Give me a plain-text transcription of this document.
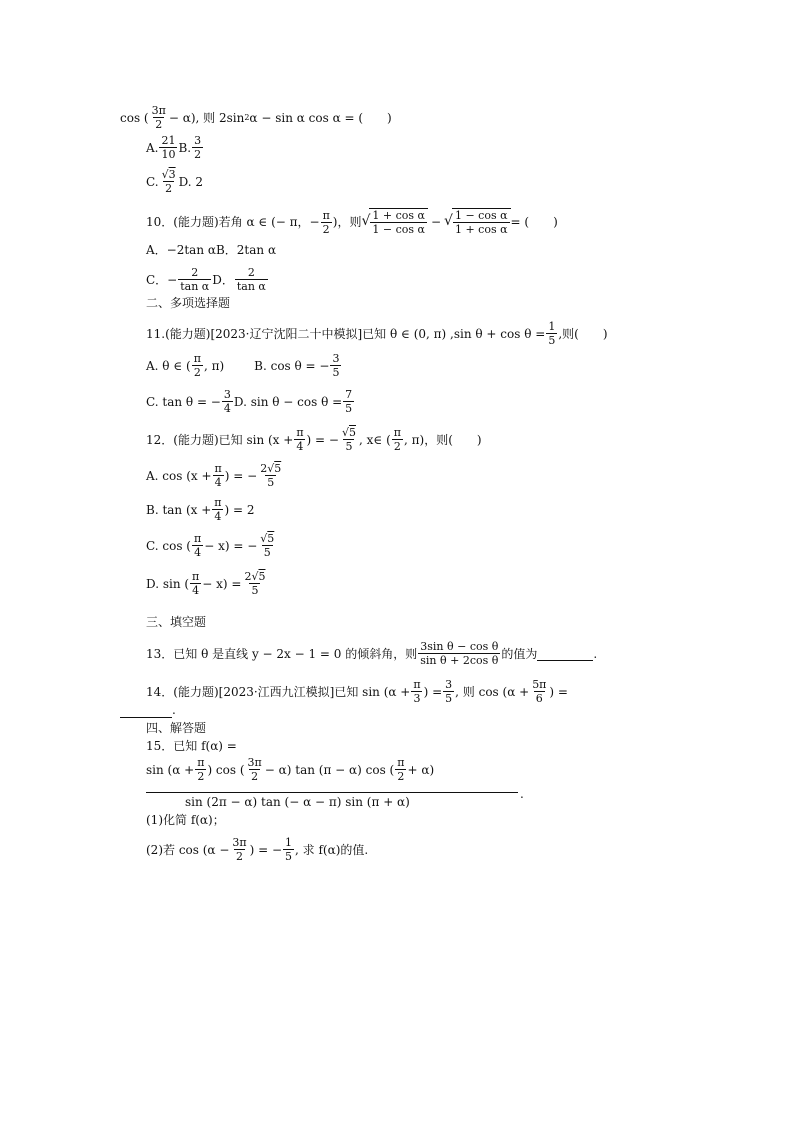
cos ( $\frac{3\pi}{2} - \alpha$), 则 2sin 2 α − sin α cos α = (　　)
A. $\frac{21}{10} B$. $\frac{3}{2}$
C. $\frac{√3}{2} D$. 2
10．(能力题)若角 α ∈ (− π，− $\frac{\pi}{2}$ )，则 √ $\frac{\text{1 + cos α}}{\text{1 − cos α}}$ − √ $\frac{\text{1 − cos α}}{\text{1 + cos α}}$ = (　　)
A．−2tan αB．2tan α
C．− $\frac{2}{\text{tan α}}$ D． $\frac{2}{\text{tan α}}$
二、多项选择题
11.(能力题)[2023·辽宁沈阳二十中模拟]已知 θ ∈ (0, π) ,sin $\theta + \cos \theta = \frac{1}{5}$ ,则(　　)
A. θ ∈ ( $\frac{\pi}{2}$ , π)	B. cos θ = − $\frac{3}{5}$
C. tan θ = − $\frac{3}{4} D$. $\sin \theta - \cos \theta = \frac{7}{5}$
12．(能力题)已知 $\sin (x + \frac{\pi}{4}$ ) = − $\frac{√5}{5}$ , x∈ ( $\frac{\pi}{2}$ , π)，则(　　)
A. $\cos (x + \frac{\pi}{4}$ ) = − $\frac{2√5}{5}$
B. $\tan (x + \frac{\pi}{4}$ ) = 2
C. cos ( $\frac{\pi}{4} - x$) = − $\frac{√5}{5}$
D. sin ( $\frac{\pi}{4} - x) = \frac{2√5}{5}$
三、填空题
13．已知 θ 是直线 y − 2x − 1 = 0 的倾斜角，则 $\frac{\text{3sin θ − cos θ}}{\text{sin θ + 2cos θ}}$ 的值为	.
14．(能力题)[2023·江西九江模拟]已知 $\sin (\alpha + \frac{\pi}{3}$ ) = $\frac{3}{5}$ , 则 $\cos (\alpha + \frac{5\pi}{6}$ ) =
.
四、解答题
15．已知 f(α) =
$\sin (\alpha + \frac{\pi}{2}$ ) cos ( $\frac{3\pi}{2} - \alpha$) tan (π − α) cos ( $\frac{\pi}{2} + \alpha$)
.
sin (2π − α) tan (− α − π) sin (π + α)
(1)化简 f(α)；
(2)若 $\cos (\alpha - \frac{3\pi}{2}$ ) = − $\frac{1}{5}$ , 求 f(α)的值.
